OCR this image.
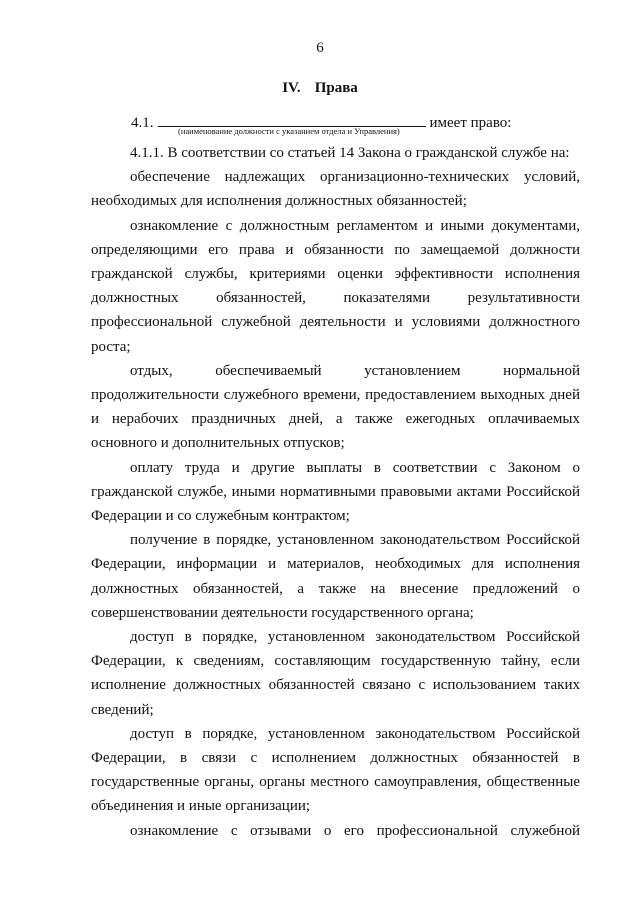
6
IV. Права
4.1.	имеет право:
(наименование должности с указанием отдела и Управления)

4.1.1. В соответствии со статьей 14 Закона о гражданской службе на:

обеспечение надлежащих организационно-технических условий, необходимых для исполнения должностных обязанностей;

ознакомление с должностным регламентом и иными документами, определяющими его права и обязанности по замещаемой должности гражданской службы, критериями оценки эффективности исполнения должностных обязанностей, показателями результативности профессиональной служебной деятельности и условиями должностного роста;

отдых, обеспечиваемый установлением нормальной продолжительности служебного времени, предоставлением выходных дней и нерабочих праздничных дней, а также ежегодных оплачиваемых основного и дополнительных отпусков;

оплату труда и другие выплаты в соответствии с Законом о гражданской службе, иными нормативными правовыми актами Российской Федерации и со служебным контрактом;

получение в порядке, установленном законодательством Российской Федерации, информации и материалов, необходимых для исполнения должностных обязанностей, а также на внесение предложений о совершенствовании деятельности государственного органа;

доступ в порядке, установленном законодательством Российской Федерации, к сведениям, составляющим государственную тайну, если исполнение должностных обязанностей связано с использованием таких сведений;

доступ в порядке, установленном законодательством Российской Федерации, в связи с исполнением должностных обязанностей в государственные органы, органы местного самоуправления, общественные объединения и иные организации;

ознакомление с отзывами о его профессиональной служебной
